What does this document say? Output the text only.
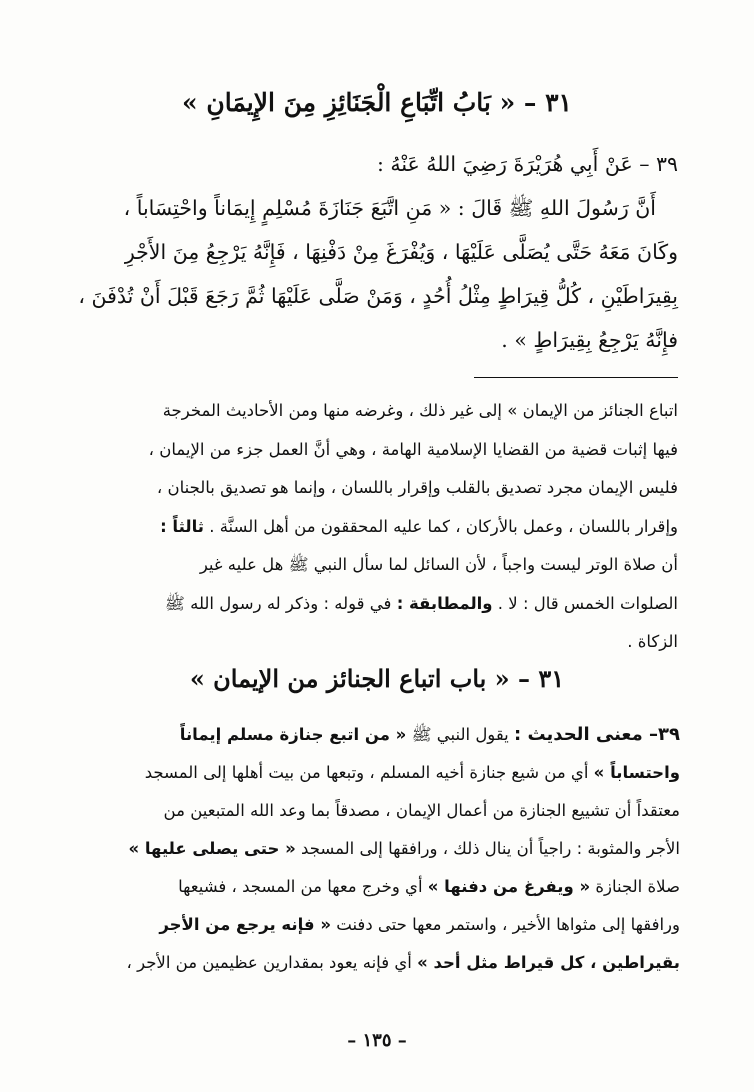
٣١ – « بَابُ اتِّبَاعِ الْجَنَائِزِ مِنَ الإِيمَانِ »

٣٩ – عَنْ أَبِي هُرَيْرَةَ رَضِيَ اللهُ عَنْهُ :

أَنَّ رَسُولَ اللهِ ﷺ قَالَ : « مَنِ اتَّبَعَ جَنَازَةَ مُسْلِمٍ إِيمَاناً واحْتِسَاباً ،

وكَانَ مَعَهُ حَتَّى يُصَلَّى عَلَيْهَا ، وَيُفْرَغَ مِنْ دَفْنِهَا ، فَإِنَّهُ يَرْجِعُ مِنَ الأَجْرِ

بِقِيرَاطَيْنِ ، كُلُّ قِيرَاطٍ مِثْلُ أُحُدٍ ، وَمَنْ صَلَّى عَلَيْهَا ثُمَّ رَجَعَ قَبْلَ أَنْ تُدْفَنَ ،

فإِنَّهُ يَرْجِعُ بِقِيرَاطٍ » .

اتباع الجنائز من الإيمان » إلى غير ذلك ، وغرضه منها ومن الأحاديث المخرجة

فيها إثبات قضية من القضايا الإسلامية الهامة ، وهي أنَّ العمل جزء من الإيمان ،

فليس الإيمان مجرد تصديق بالقلب وإقرار باللسان ، وإنما هو تصديق بالجنان ،

وإقرار باللسان ، وعمل بالأركان ، كما عليه المحققون من أهل السنَّة . ثالثاً :

أن صلاة الوتر ليست واجباً ، لأن السائل لما سأل النبي ﷺ هل عليه غير

الصلوات الخمس قال : لا . والمطابقة : في قوله : وذكر له رسول الله ﷺ

الزكاة .

٣١ – « باب اتباع الجنائز من الإيمان »

٣٩– معنى الحديث : يقول النبي ﷺ « من اتبع جنازة مسلم إيماناً

واحتساباً » أي من شيع جنازة أخيه المسلم ، وتبعها من بيت أهلها إلى المسجد

معتقداً أن تشييع الجنازة من أعمال الإيمان ، مصدقاً بما وعد الله المتبعين من

الأجر والمثوبة : راجياً أن ينال ذلك ، ورافقها إلى المسجد « حتى يصلى عليها »

صلاة الجنازة « ويفرغ من دفنها » أي وخرج معها من المسجد ، فشيعها

ورافقها إلى مثواها الأخير ، واستمر معها حتى دفنت « فإنه يرجع من الأجر

بقيراطين ، كل قيراط مثل أحد » أي فإنه يعود بمقدارين عظيمين من الأجر ،

– ١٣٥ –
